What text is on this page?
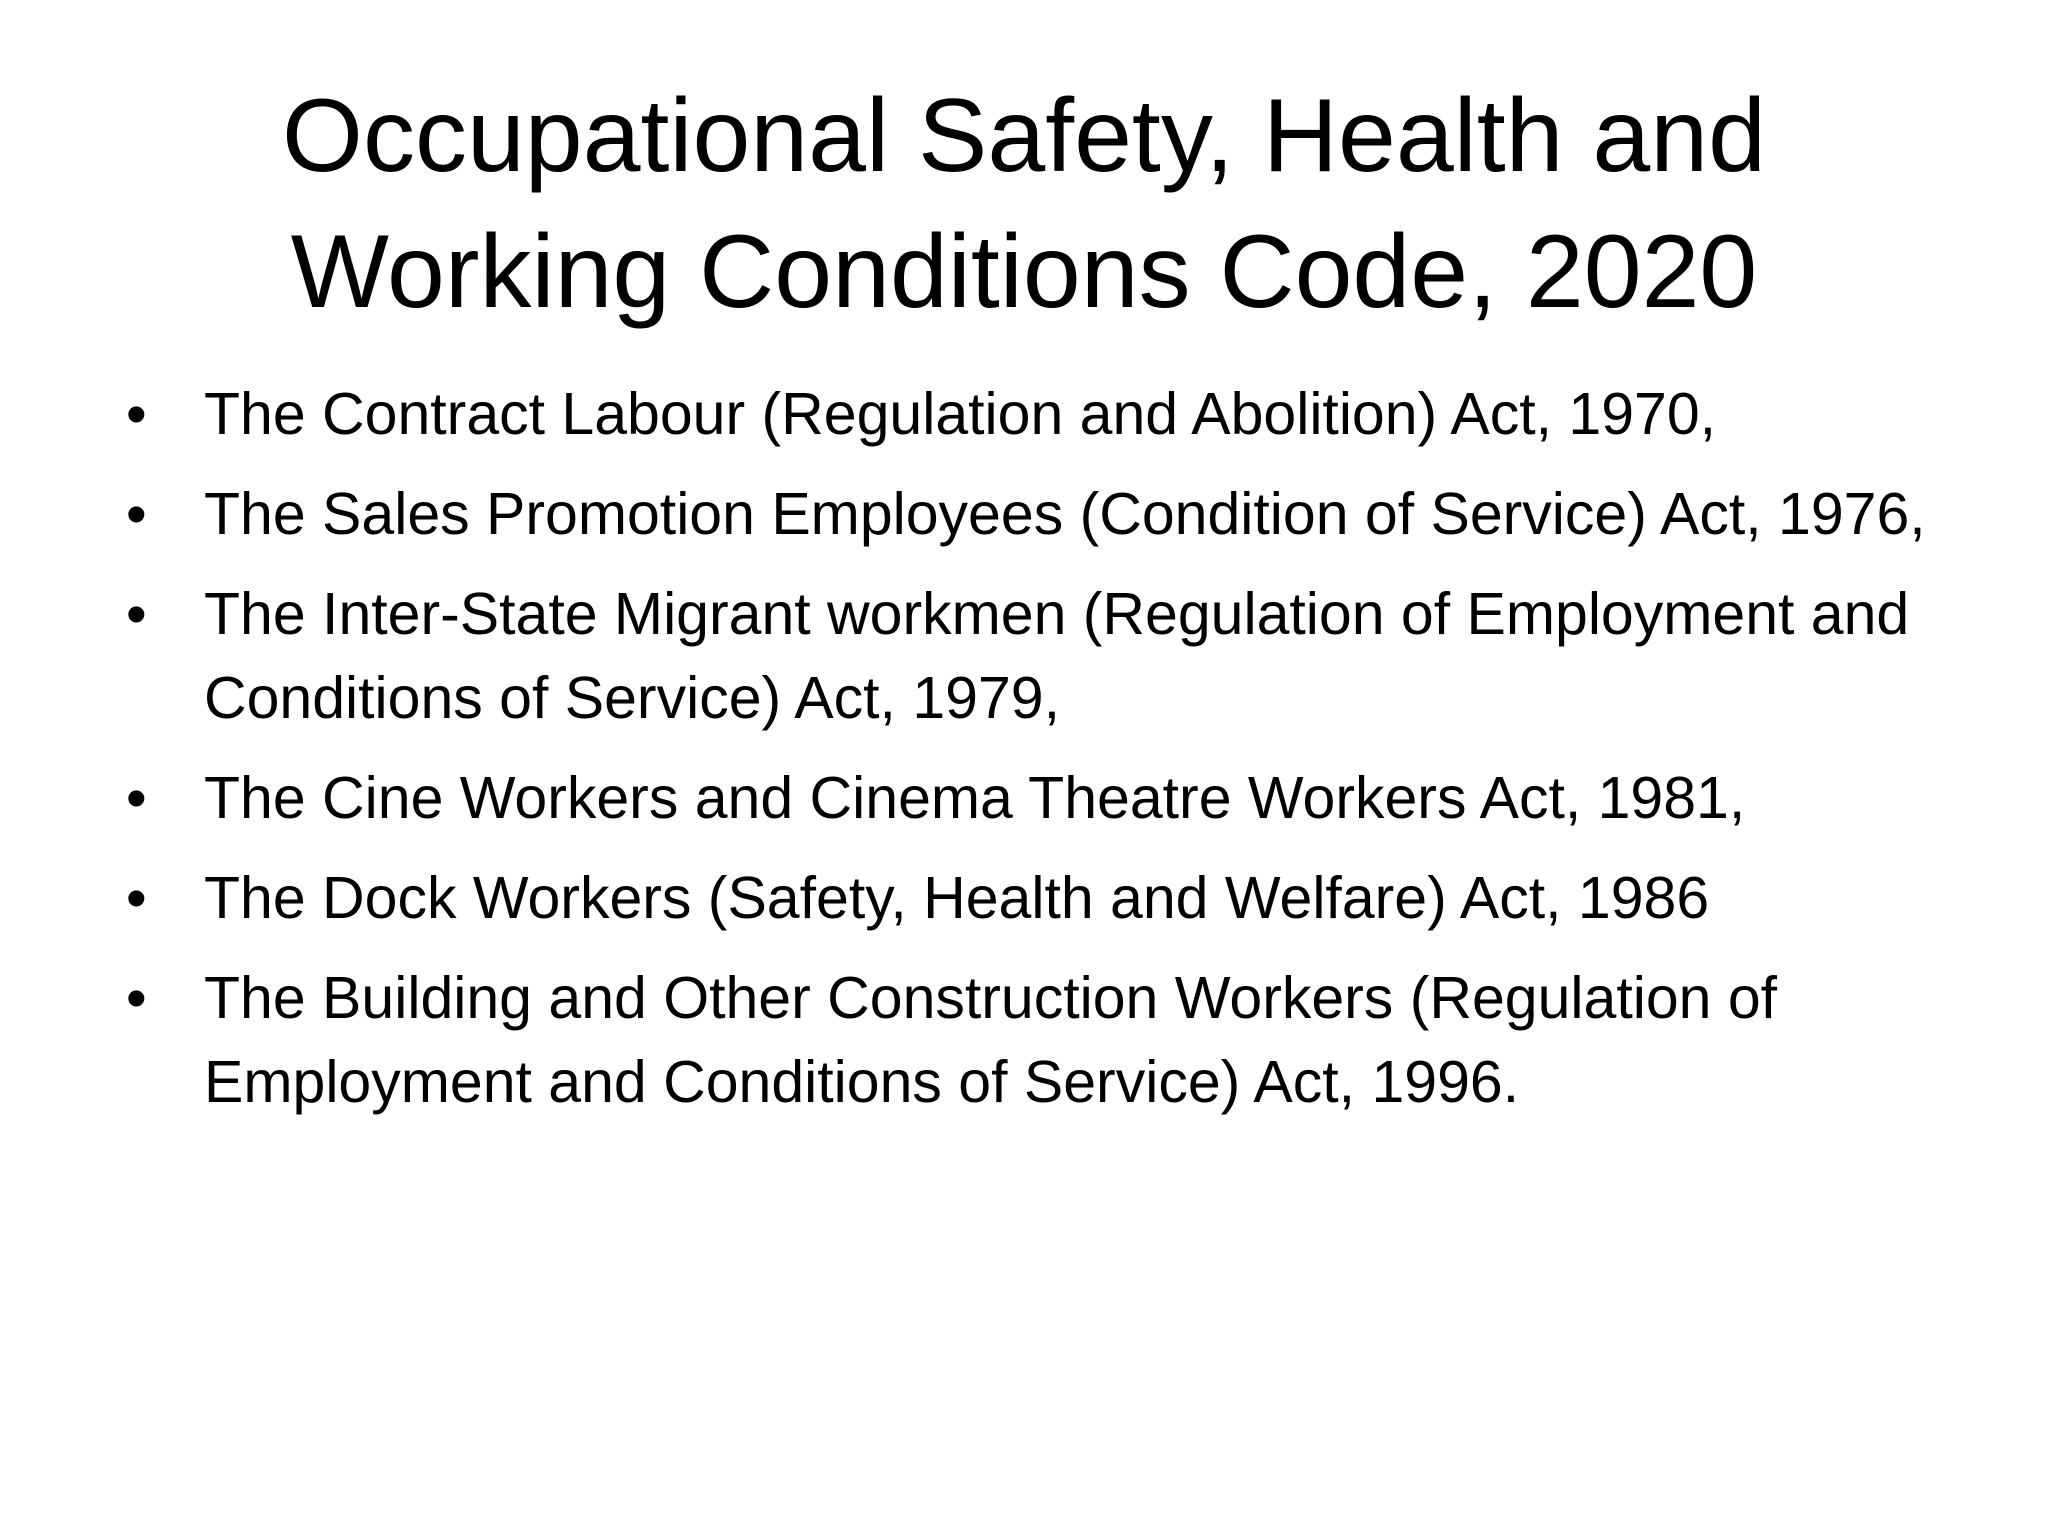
Occupational Safety, Health and
Working Conditions Code, 2020
• The Contract Labour (Regulation and Abolition) Act, 1970,
• The Sales Promotion Employees (Condition of Service) Act, 1976,
• The Inter-State Migrant workmen (Regulation of Employment and Conditions of Service) Act, 1979,
• The Cine Workers and Cinema Theatre Workers Act, 1981,
• The Dock Workers (Safety, Health and Welfare) Act, 1986
• The Building and Other Construction Workers (Regulation of Employment and Conditions of Service) Act, 1996.
